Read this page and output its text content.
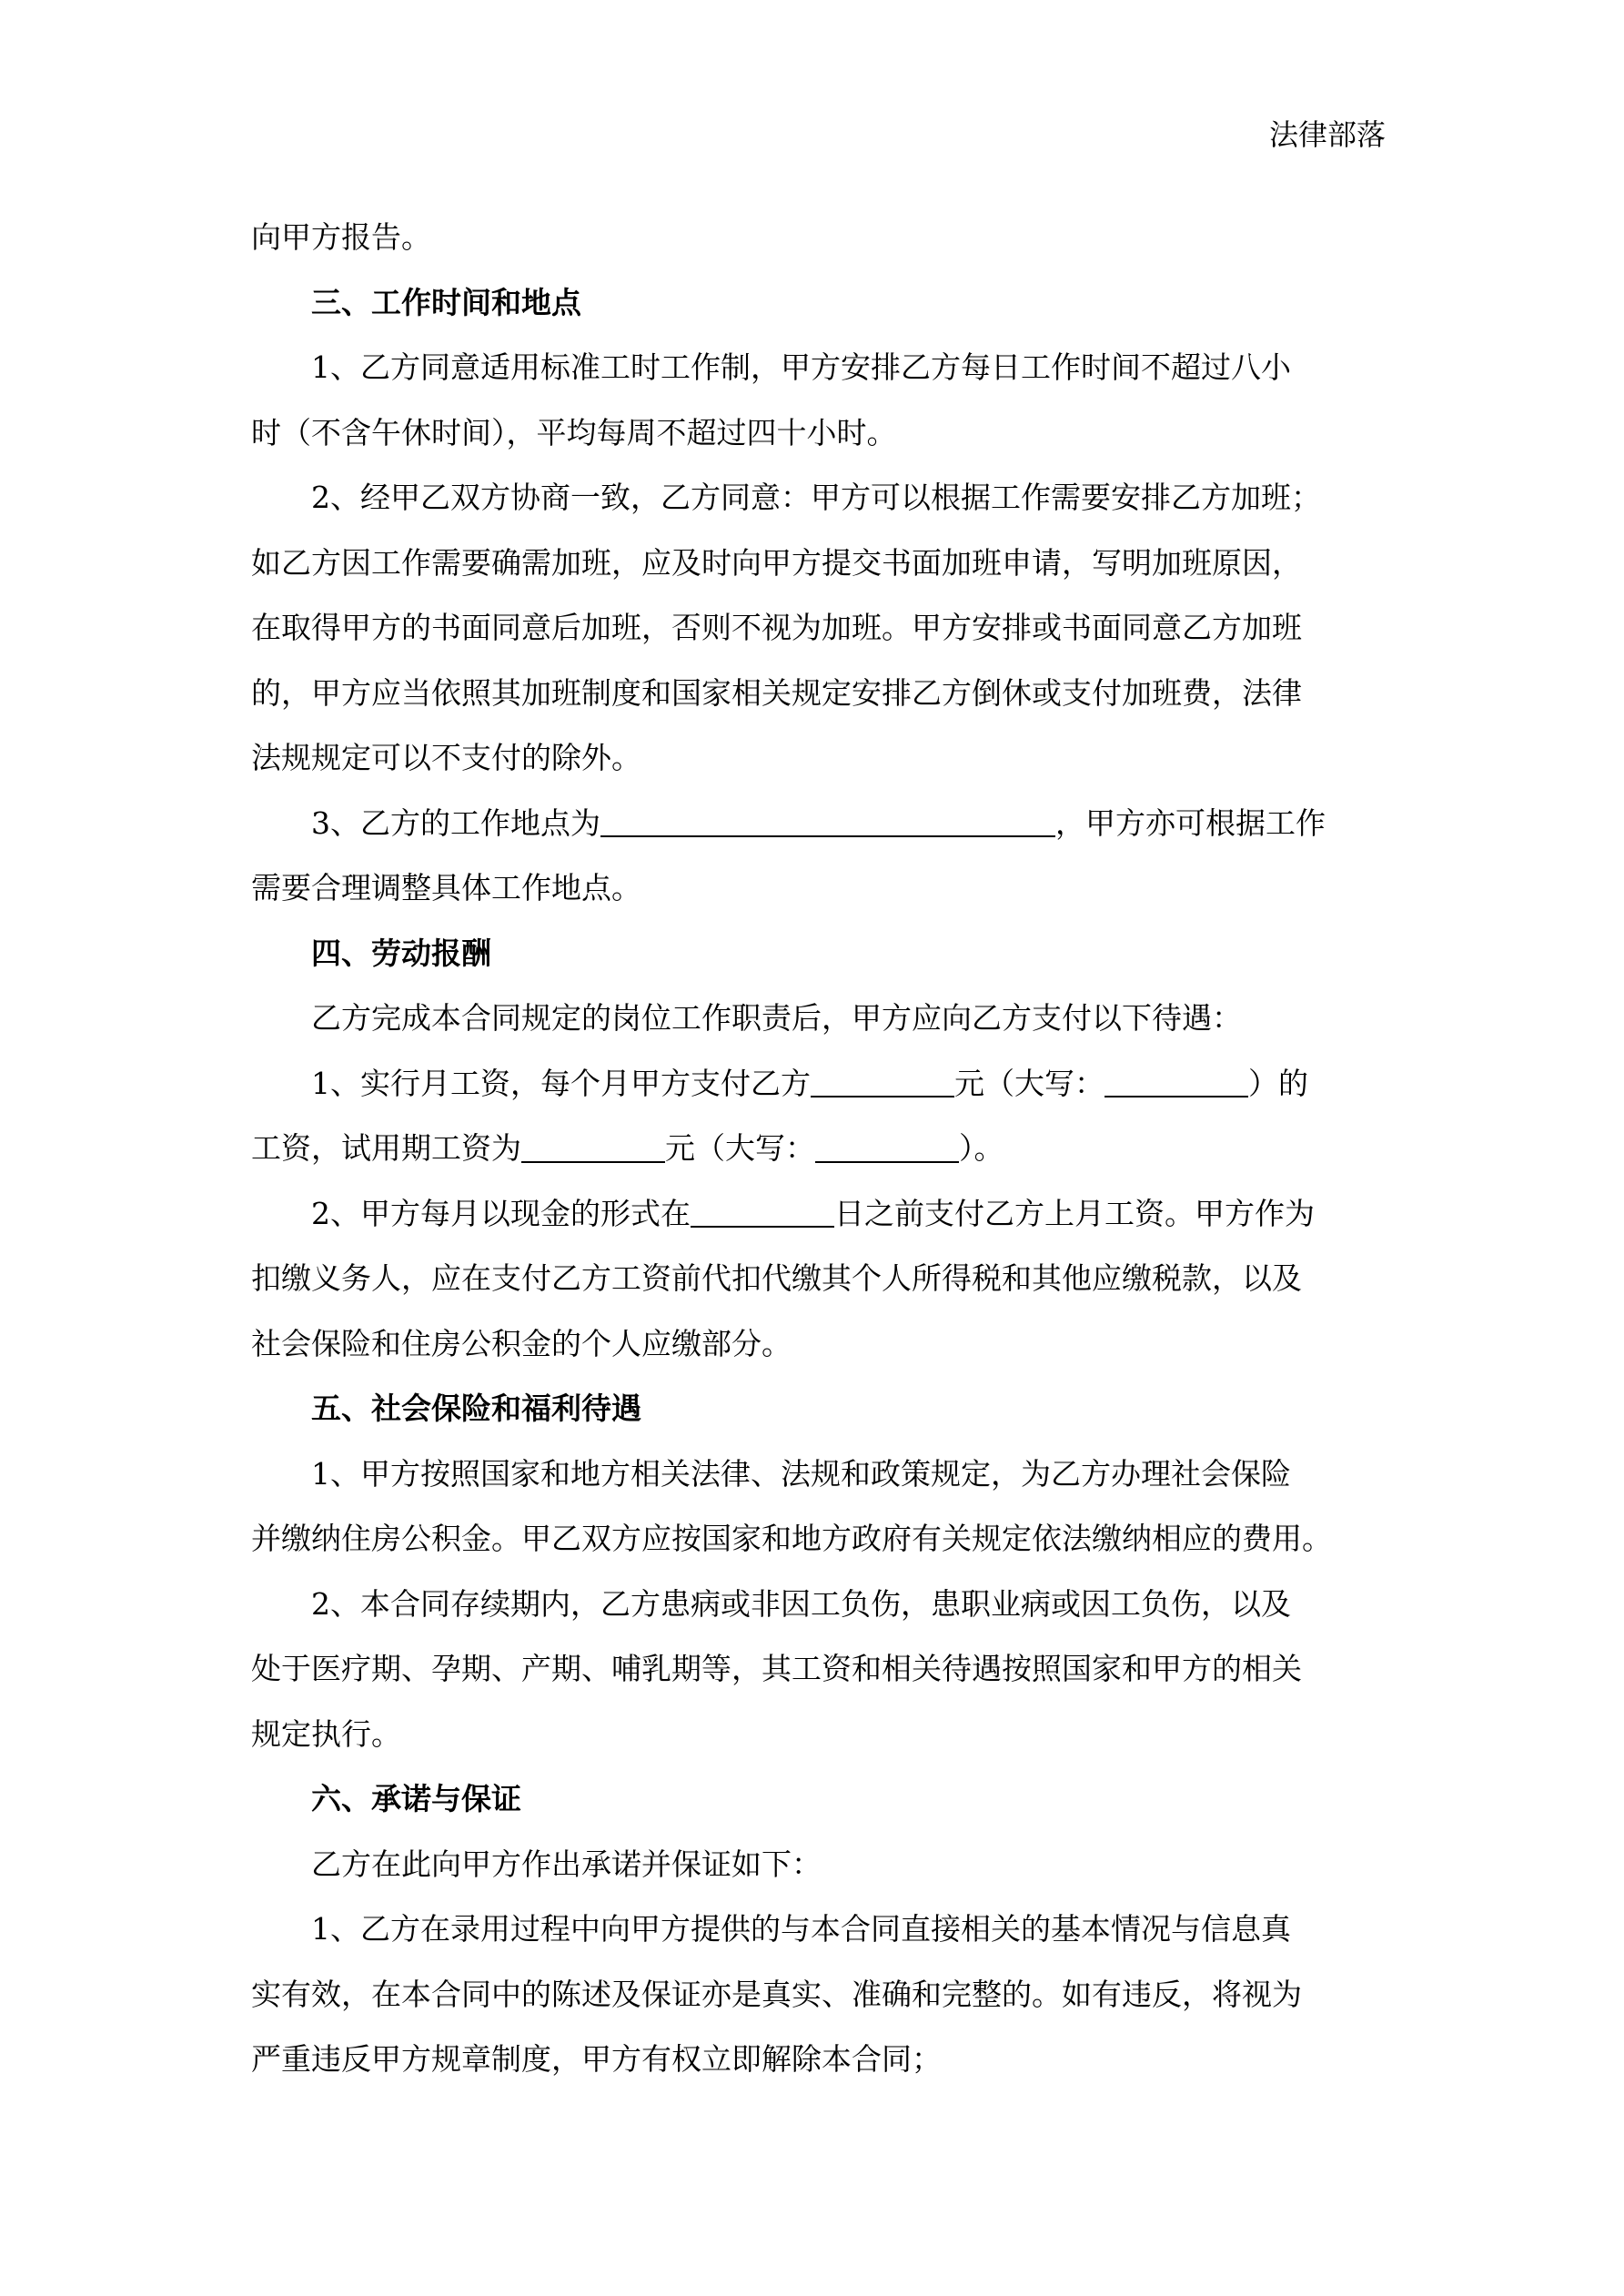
法律部落

向甲方报告。

三、工作时间和地点

1、乙方同意适用标准工时工作制，甲方安排乙方每日工作时间不超过八小

时（不含午休时间），平均每周不超过四十小时。

2、经甲乙双方协商一致，乙方同意：甲方可以根据工作需要安排乙方加班；

如乙方因工作需要确需加班，应及时向甲方提交书面加班申请，写明加班原因，

在取得甲方的书面同意后加班，否则不视为加班。甲方安排或书面同意乙方加班

的，甲方应当依照其加班制度和国家相关规定安排乙方倒休或支付加班费，法律

法规规定可以不支付的除外。

3、乙方的工作地点为	，甲方亦可根据工作

需要合理调整具体工作地点。

四、劳动报酬

乙方完成本合同规定的岗位工作职责后，甲方应向乙方支付以下待遇：

1、实行月工资，每个月甲方支付乙方	元（大写：	）的

工资，试用期工资为	元（大写：	）。

2、甲方每月以现金的形式在	日之前支付乙方上月工资。甲方作为

扣缴义务人，应在支付乙方工资前代扣代缴其个人所得税和其他应缴税款，以及

社会保险和住房公积金的个人应缴部分。

五、社会保险和福利待遇

1、甲方按照国家和地方相关法律、法规和政策规定，为乙方办理社会保险

并缴纳住房公积金。甲乙双方应按国家和地方政府有关规定依法缴纳相应的费用。

2、本合同存续期内，乙方患病或非因工负伤，患职业病或因工负伤，以及

处于医疗期、孕期、产期、哺乳期等，其工资和相关待遇按照国家和甲方的相关

规定执行。

六、承诺与保证

乙方在此向甲方作出承诺并保证如下：

1、乙方在录用过程中向甲方提供的与本合同直接相关的基本情况与信息真

实有效，在本合同中的陈述及保证亦是真实、准确和完整的。如有违反，将视为

严重违反甲方规章制度，甲方有权立即解除本合同；
